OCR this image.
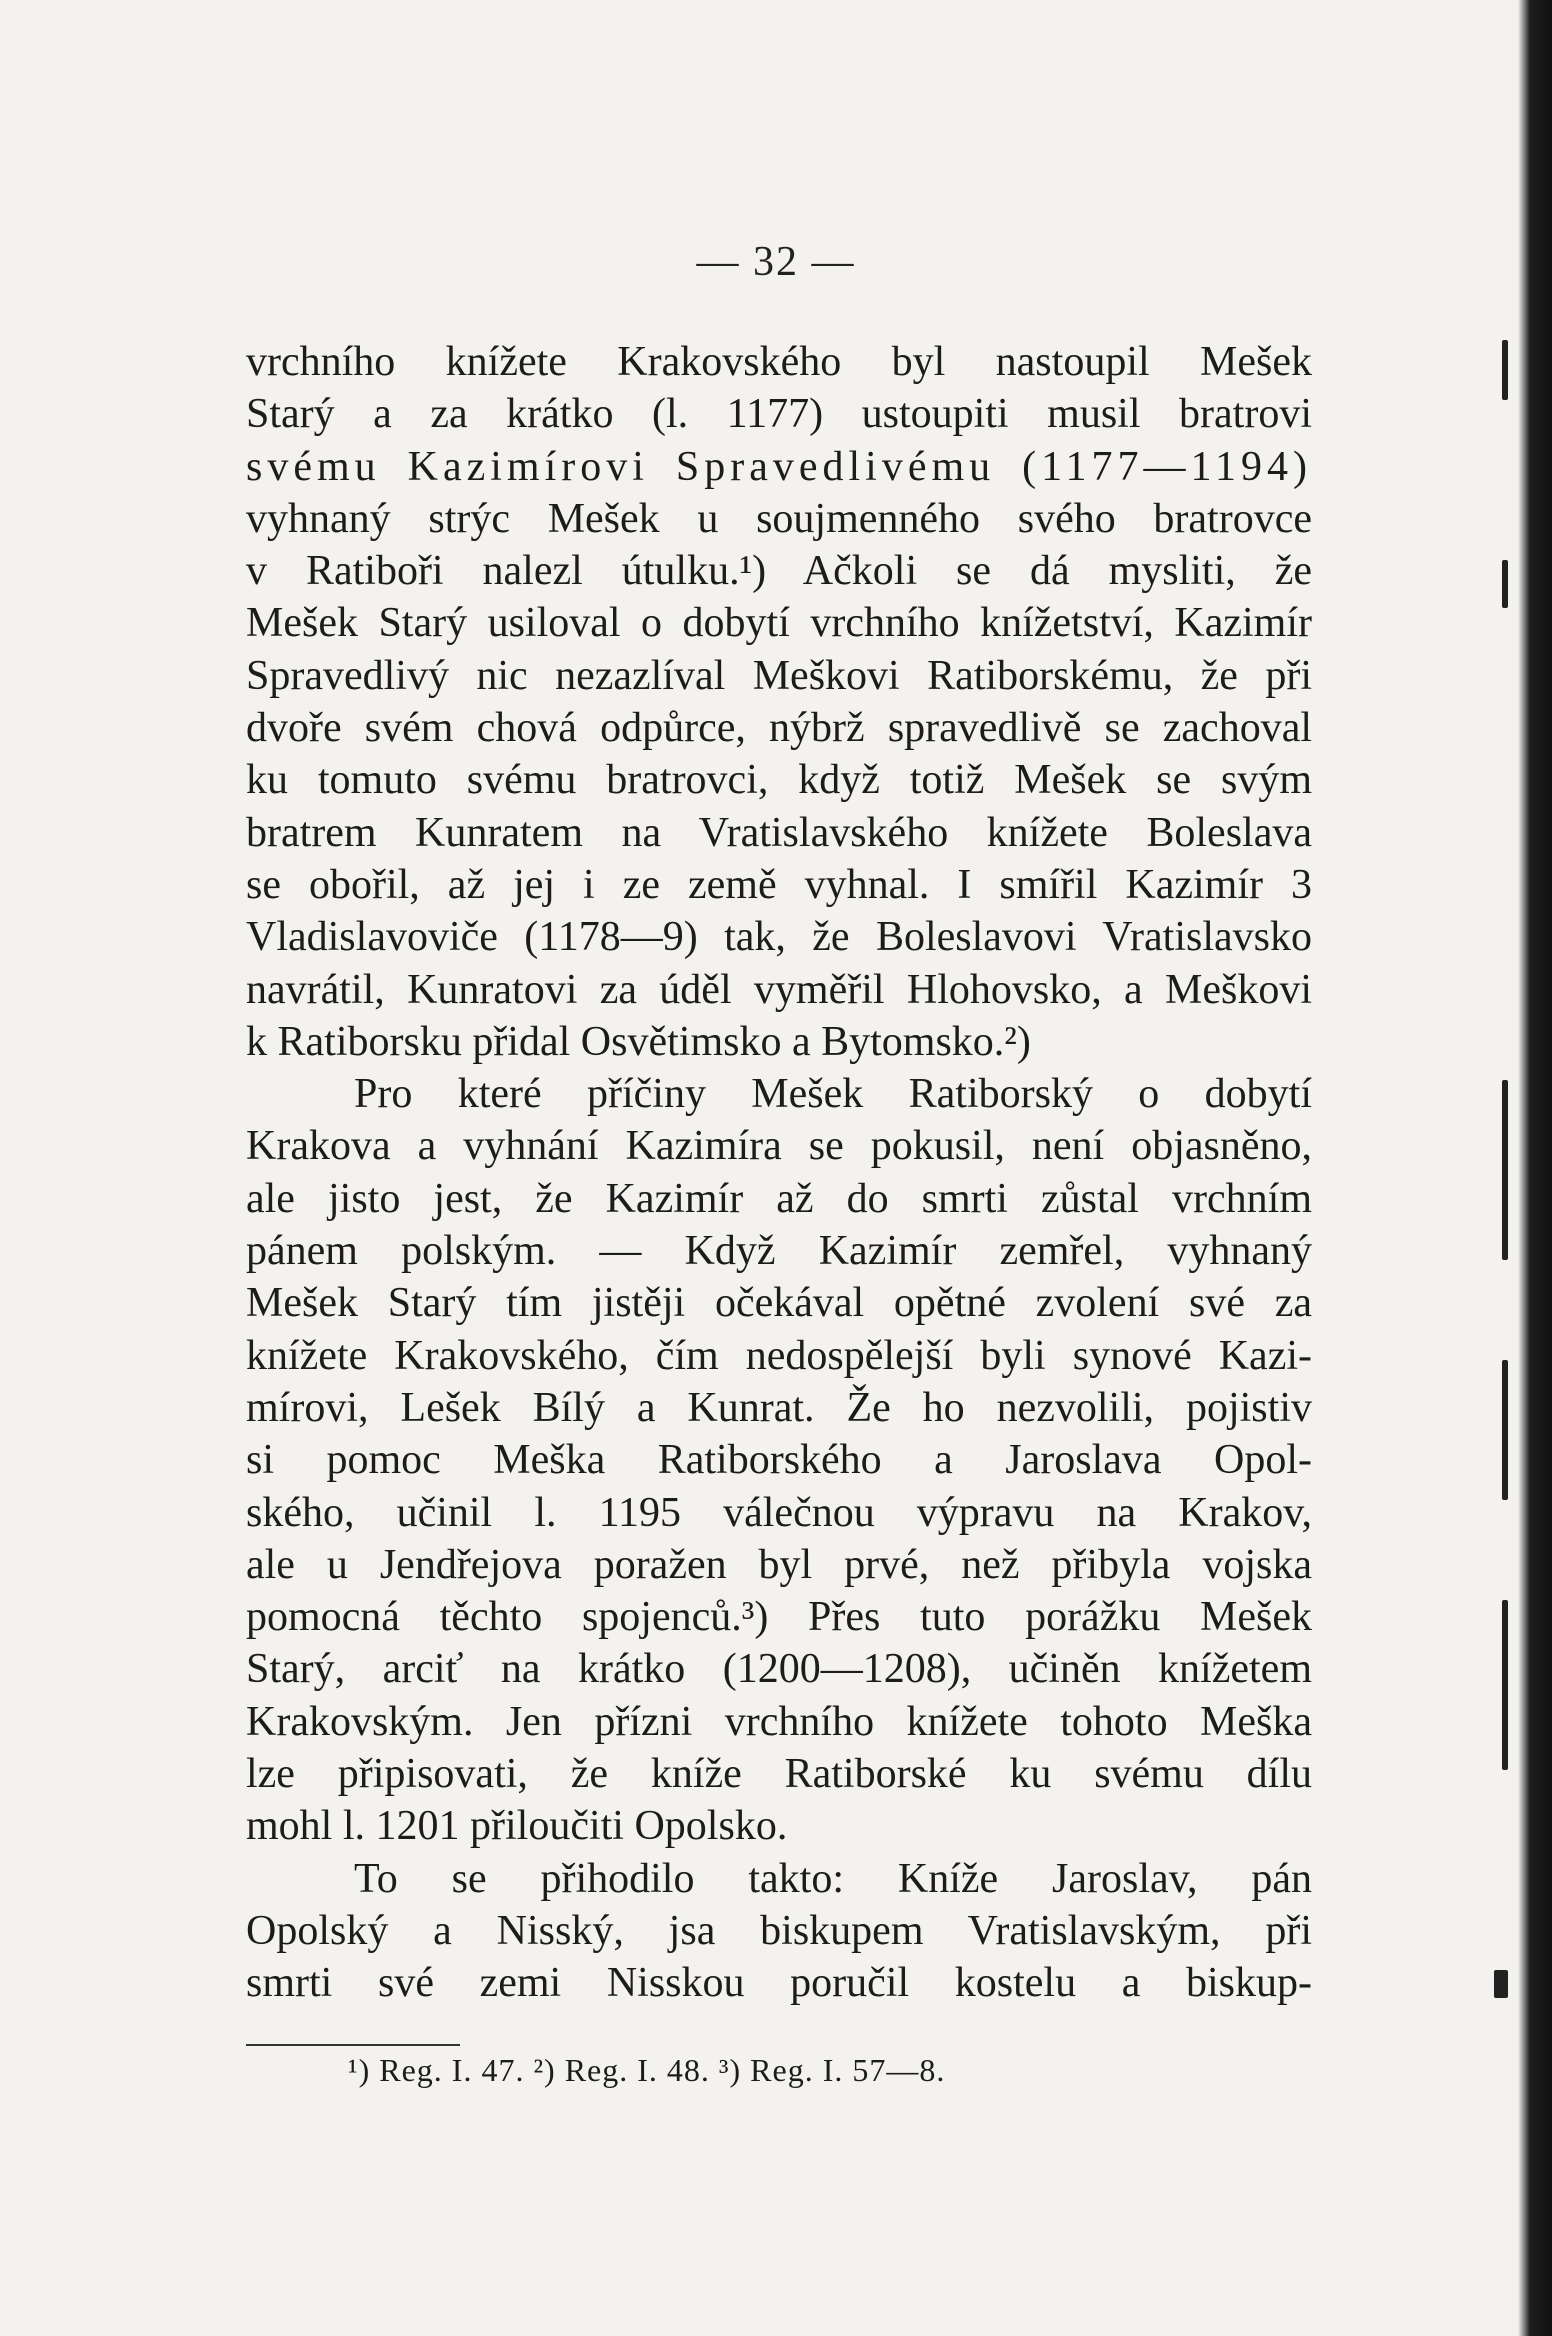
— 32 —
vrchního knížete Krakovského byl nastoupil Mešek
Starý a za krátko (l. 1177) ustoupiti musil bratrovi
svému Kazimírovi Spravedlivému (1177—1194)
vyhnaný strýc Mešek u soujmenného svého bratrovce
v Ratiboři nalezl útulku.¹) Ačkoli se dá mysliti, že
Mešek Starý usiloval o dobytí vrchního knížetství, Kazimír
Spravedlivý nic nezazlíval Meškovi Ratiborskému, že při
dvoře svém chová odpůrce, nýbrž spravedlivě se zachoval
ku tomuto svému bratrovci, když totiž Mešek se svým
bratrem Kunratem na Vratislavského knížete Boleslava
se obořil, až jej i ze země vyhnal. I smířil Kazimír 3
Vladislavoviče (1178—9) tak, že Boleslavovi Vratislavsko
navrátil, Kunratovi za úděl vyměřil Hlohovsko, a Meškovi
k Ratiborsku přidal Osvětimsko a Bytomsko.²)
Pro které příčiny Mešek Ratiborský o dobytí
Krakova a vyhnání Kazimíra se pokusil, není objasněno,
ale jisto jest, že Kazimír až do smrti zůstal vrchním
pánem polským. — Když Kazimír zemřel, vyhnaný
Mešek Starý tím jistěji očekával opětné zvolení své za
knížete Krakovského, čím nedospělejší byli synové Kazi-
mírovi, Lešek Bílý a Kunrat. Že ho nezvolili, pojistiv
si pomoc Meška Ratiborského a Jaroslava Opol-
ského, učinil l. 1195 válečnou výpravu na Krakov,
ale u Jendřejova poražen byl prvé, než přibyla vojska
pomocná těchto spojenců.³) Přes tuto porážku Mešek
Starý, arciť na krátko (1200—1208), učiněn knížetem
Krakovským. Jen přízni vrchního knížete tohoto Meška
lze připisovati, že kníže Ratiborské ku svému dílu
mohl l. 1201 přiloučiti Opolsko.
To se přihodilo takto: Kníže Jaroslav, pán
Opolský a Nisský, jsa biskupem Vratislavským, při
smrti své zemi Nisskou poručil kostelu a biskup-
¹) Reg. I. 47. ²) Reg. I. 48. ³) Reg. I. 57—8.
